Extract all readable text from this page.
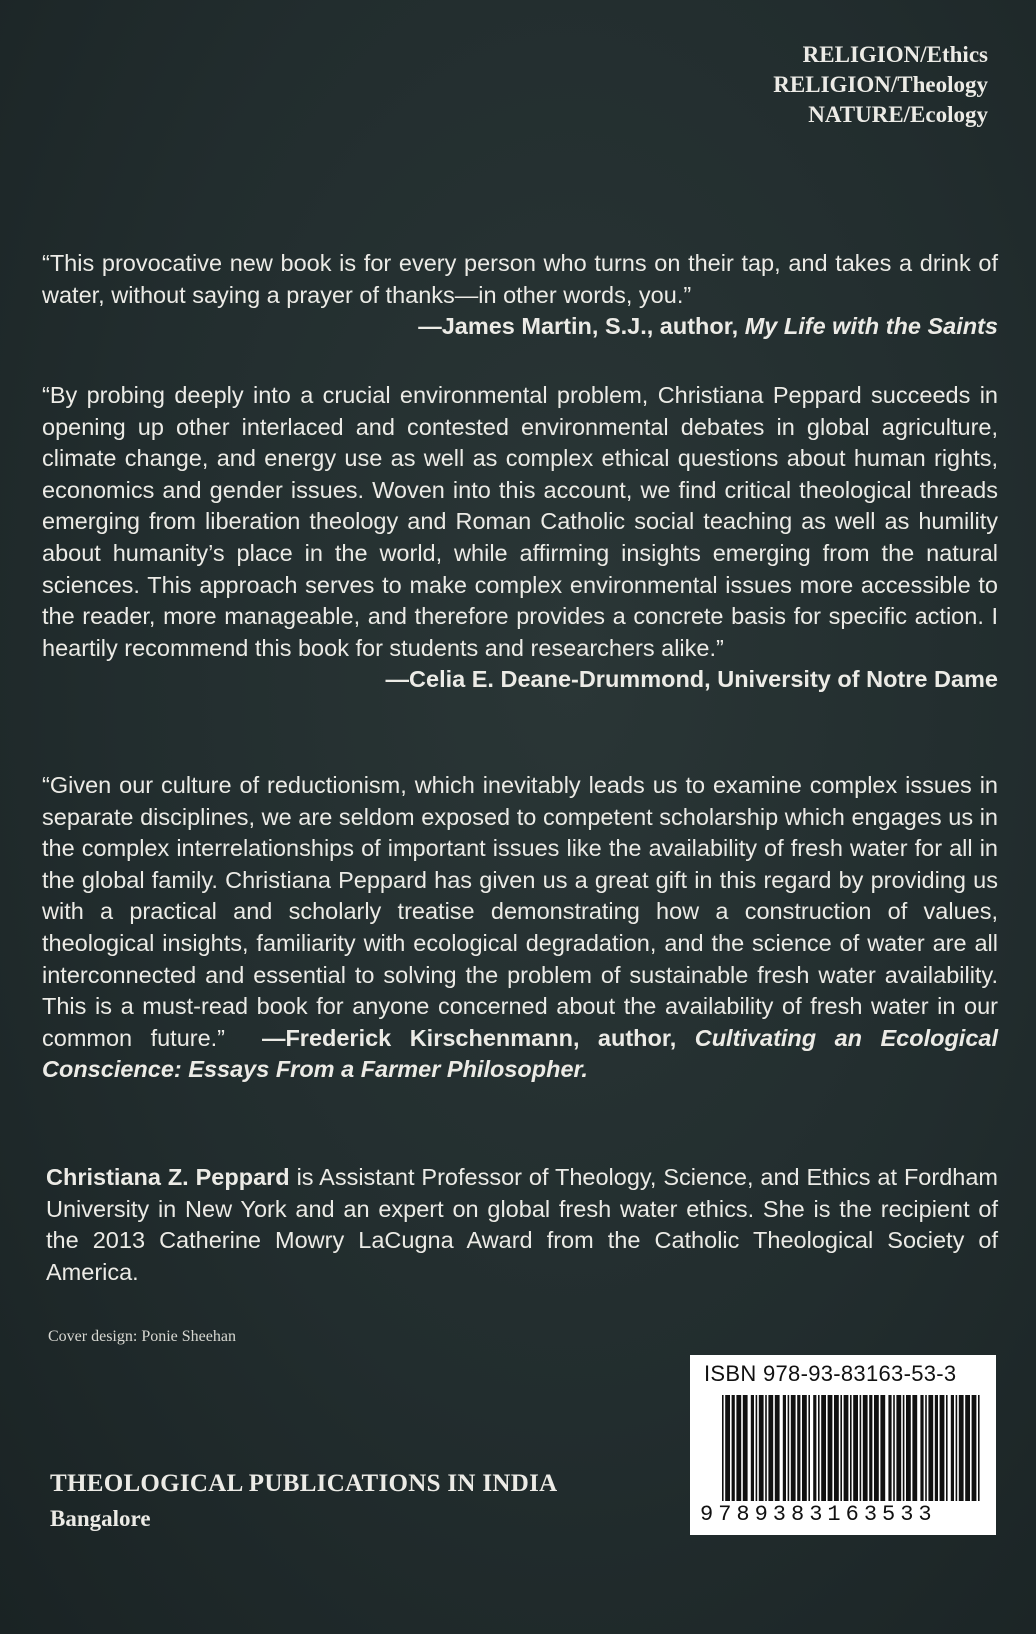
RELIGION/Ethics
RELIGION/Theology
NATURE/Ecology

“This provocative new book is for every person who turns on their tap, and takes a drink of water, without saying a prayer of thanks—in other words, you.”

—James Martin, S.J., author, My Life with the Saints

“By probing deeply into a crucial environmental problem, Christiana Peppard succeeds in opening up other interlaced and contested environmental debates in global agriculture, climate change, and energy use as well as complex ethical questions about human rights, economics and gender issues. Woven into this account, we find critical theological threads emerging from liberation theology and Roman Catholic social teaching as well as humility about humanity’s place in the world, while affirming insights emerging from the natural sciences. This approach serves to make complex environmental issues more accessible to the reader, more manageable, and therefore provides a concrete basis for specific action. I heartily recommend this book for students and researchers alike.”

—Celia E. Deane-Drummond, University of Notre Dame

“Given our culture of reductionism, which inevitably leads us to examine complex issues in separate disciplines, we are seldom exposed to competent scholarship which engages us in the complex interrelationships of important issues like the availability of fresh water for all in the global family. Christiana Peppard has given us a great gift in this regard by providing us with a practical and scholarly treatise demonstrating how a construction of values, theological insights, familiarity with ecological degradation, and the science of water are all interconnected and essential to solving the problem of sustainable fresh water availability. This is a must-read book for anyone concerned about the availability of fresh water in our common future.” —Frederick Kirschenmann, author, Cultivating an Ecological Conscience: Essays From a Farmer Philosopher.

Christiana Z. Peppard is Assistant Professor of Theology, Science, and Ethics at Fordham University in New York and an expert on global fresh water ethics. She is the recipient of the 2013 Catherine Mowry LaCugna Award from the Catholic Theological Society of America.
Cover design: Ponie Sheehan
THEOLOGICAL PUBLICATIONS IN INDIA
Bangalore
ISBN 978-93-83163-53-3
9789383163533
